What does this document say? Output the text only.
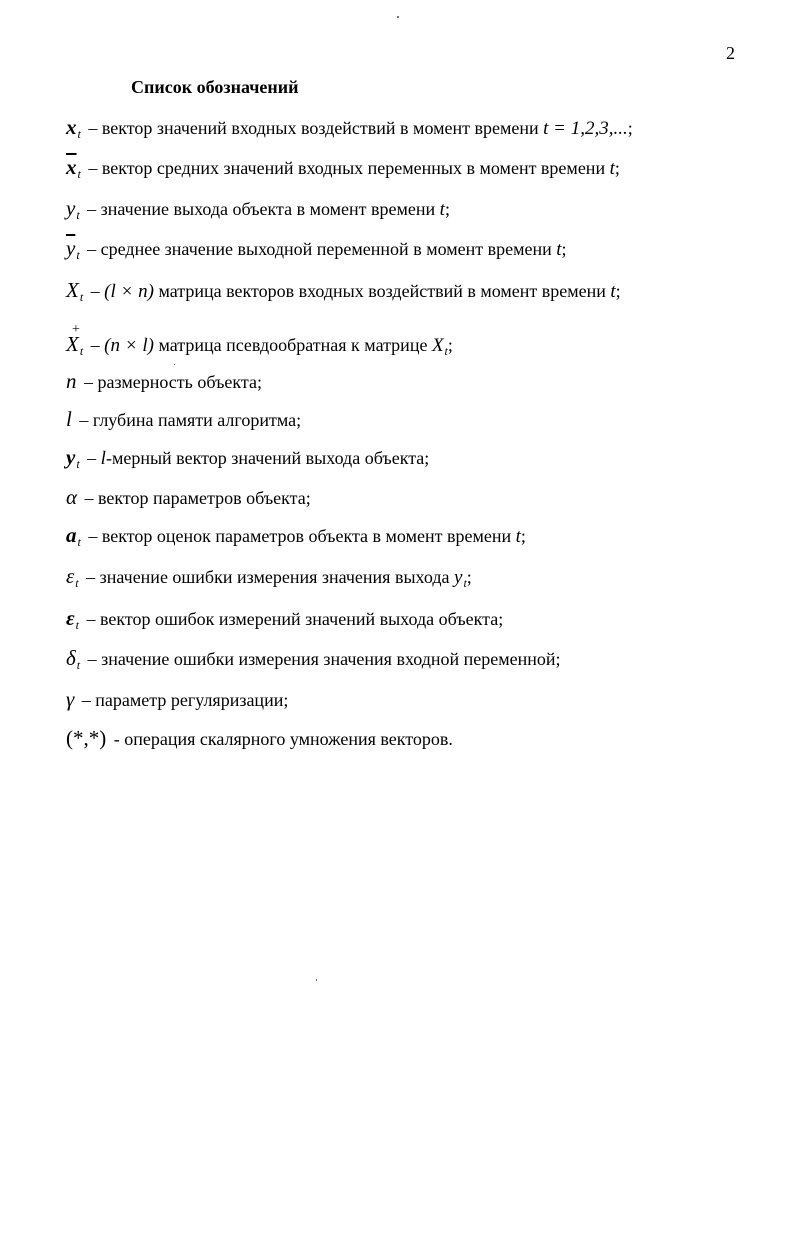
2
Список обозначений
$x_t$ – вектор значений входных воздействий в момент времени t = 1,2,3,...;
$\overline{x}_t$ – вектор средних значений входных переменных в момент времени t;
$y_t$ – значение выхода объекта в момент времени t;
$\overline{y}_t$ – среднее значение выходной переменной в момент времени t;
$X_t - (l \times n)$ матрица векторов входных воздействий в момент времени t;
+
$X_t - (n \times l)$ матрица псевдообратная к матрице $X_t$;
n – размерность объекта;
l – глубина памяти алгоритма;
$y_t$ – l-мерный вектор значений выхода объекта;
α – вектор параметров объекта;
$a_t$ – вектор оценок параметров объекта в момент времени t;
$\varepsilon_t$ – значение ошибки измерения значения выхода $y_t$;
$\varepsilon_t$ – вектор ошибок измерений значений выхода объекта;
$\delta_t$ – значение ошибки измерения значения входной переменной;
γ – параметр регуляризации;
(*,*) - операция скалярного умножения векторов.
